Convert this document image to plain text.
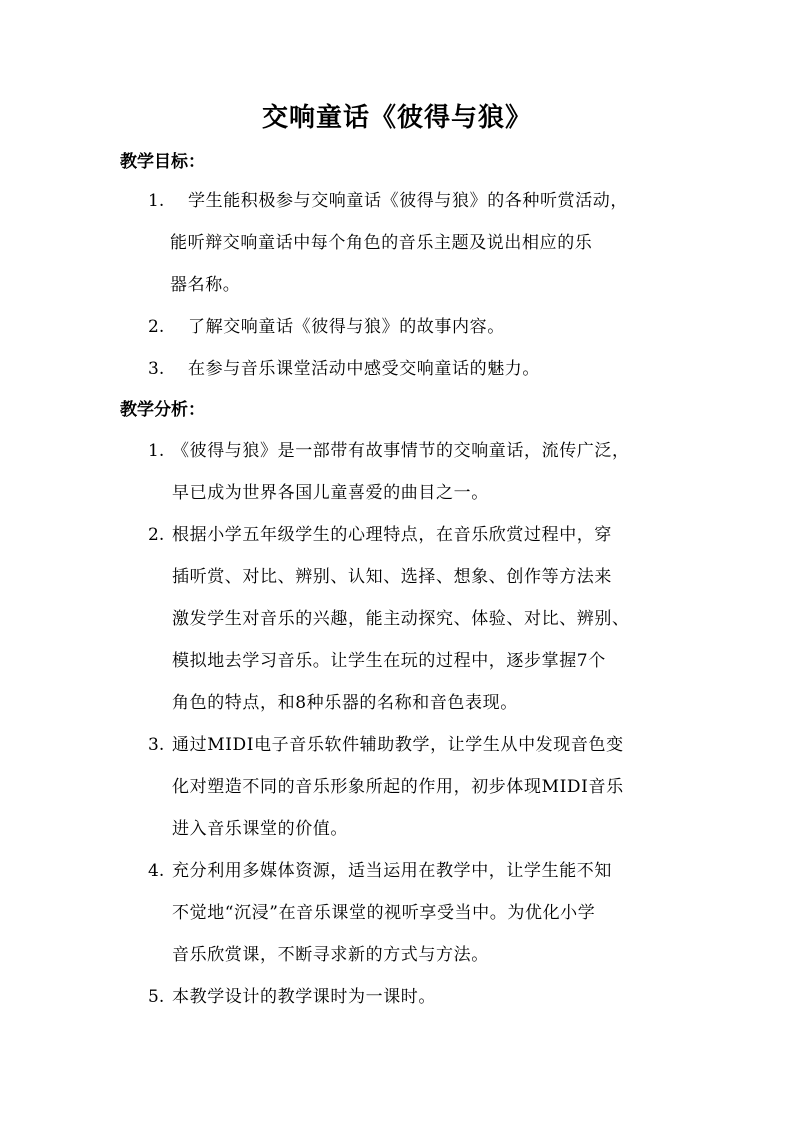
交响童话《彼得与狼》
教学目标：
1. 学生能积极参与交响童话《彼得与狼》的各种听赏活动，
能听辩交响童话中每个角色的音乐主题及说出相应的乐
器名称。
2. 了解交响童话《彼得与狼》的故事内容。
3. 在参与音乐课堂活动中感受交响童话的魅力。
教学分析：
1. 《彼得与狼》是一部带有故事情节的交响童话，流传广泛，
早已成为世界各国儿童喜爱的曲目之一。
2. 根据小学五年级学生的心理特点，在音乐欣赏过程中，穿
插听赏、对比、辨别、认知、选择、想象、创作等方法来
激发学生对音乐的兴趣，能主动探究、体验、对比、辨别、
模拟地去学习音乐。让学生在玩的过程中，逐步掌握7个
角色的特点，和8种乐器的名称和音色表现。
3. 通过MIDI电子音乐软件辅助教学，让学生从中发现音色变
化对塑造不同的音乐形象所起的作用，初步体现MIDI音乐
进入音乐课堂的价值。
4. 充分利用多媒体资源，适当运用在教学中，让学生能不知
不觉地“沉浸”在音乐课堂的视听享受当中。为优化小学
音乐欣赏课，不断寻求新的方式与方法。
5. 本教学设计的教学课时为一课时。
